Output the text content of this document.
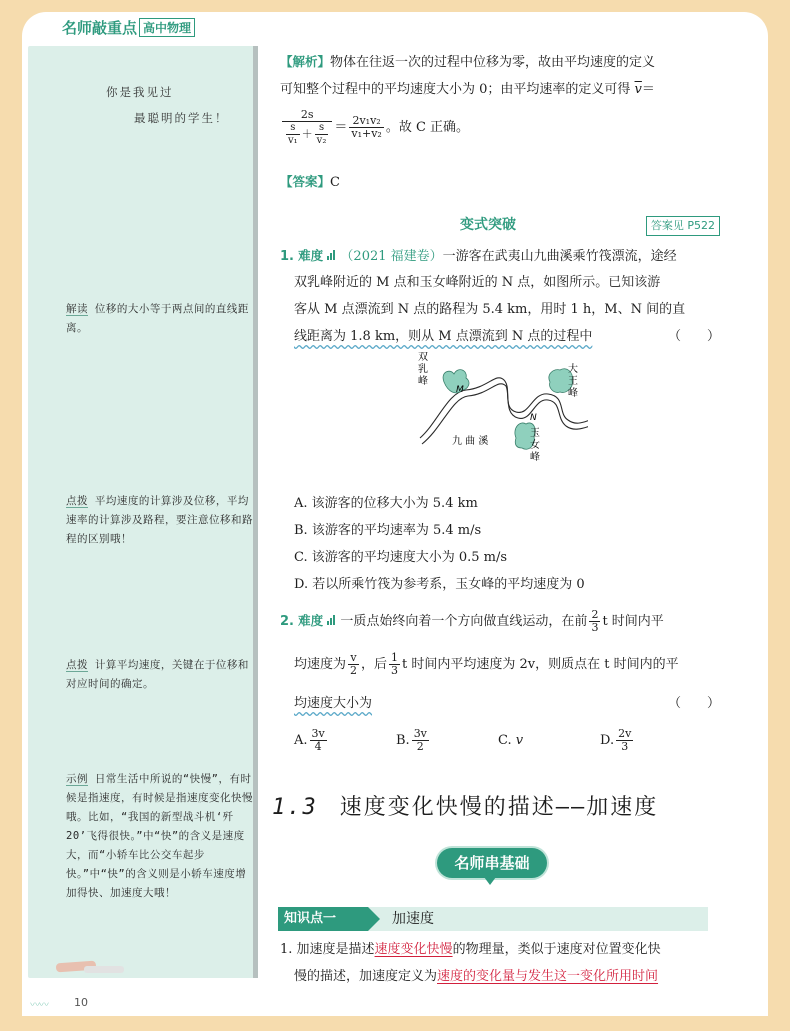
名师敲重点 高中物理
你是我见过
最聪明的学生！
解读 位移的大小等于两点间的直线距离。
点拨 平均速度的计算涉及位移，平均速率的计算涉及路程，要注意位移和路程的区别哦！
点拨 计算平均速度，关键在于位移和对应时间的确定。
示例 日常生活中所说的“快慢”，有时候是指速度，有时候是指速度变化快慢哦。比如，“我国的新型战斗机‘歼20’飞得很快。”中“快”的含义是速度大，而“小轿车比公交车起步快。”中“快”的含义则是小轿车速度增加得快、加速度大哦！
〰〰 10
【解析】物体在往返一次的过程中位移为零，故由平均速度的定义
可知整个过程中的平均速度大小为 0；由平均速率的定义可得 $\overline{v}=$
$\frac{2s}{\frac{s}{\text{v₁}} + \frac{s}{\text{v₂}}} = \frac{\text{2v₁v₂}}{\text{v₁+v₂}}$ 。故 C 正确。
【答案】C
变式突破	答案见 P522
1. 难度 （2021 福建卷）一游客在武夷山九曲溪乘竹筏漂流，途经
双乳峰附近的 M 点和玉女峰附近的 N 点，如图所示。已知该游
客从 M 点漂流到 N 点的路程为 5.4 km，用时 1 h，M、N 间的直
线距离为 1.8 km，则从 M 点漂流到 N 点的过程中	（　　）
双
乳
峰
大
王
峰
玉
女
峰
九 曲 溪
M
N
A. 该游客的位移大小为 5.4 km
B. 该游客的平均速率为 5.4 m/s
C. 该游客的平均速度大小为 0.5 m/s
D. 若以所乘竹筏为参考系，玉女峰的平均速度为 0
2. 难度 一质点始终向着一个方向做直线运动，在前 $\frac{2}{3}$ t 时间内平
均速度为 $\frac{v}{2}$ ，后 $\frac{1}{3}$ t 时间内平均速度为 2v，则质点在 t 时间内的平
均速度大小为	（　　）
A. $\frac{3v}{4}$	B. $\frac{3v}{2}$	C. v	D. $\frac{2v}{3}$
1.3 速度变化快慢的描述——加速度
名师串基础
知识点一	加速度
1. 加速度是描述速度变化快慢的物理量，类似于速度对位置变化快
慢的描述，加速度定义为速度的变化量与发生这一变化所用时间
